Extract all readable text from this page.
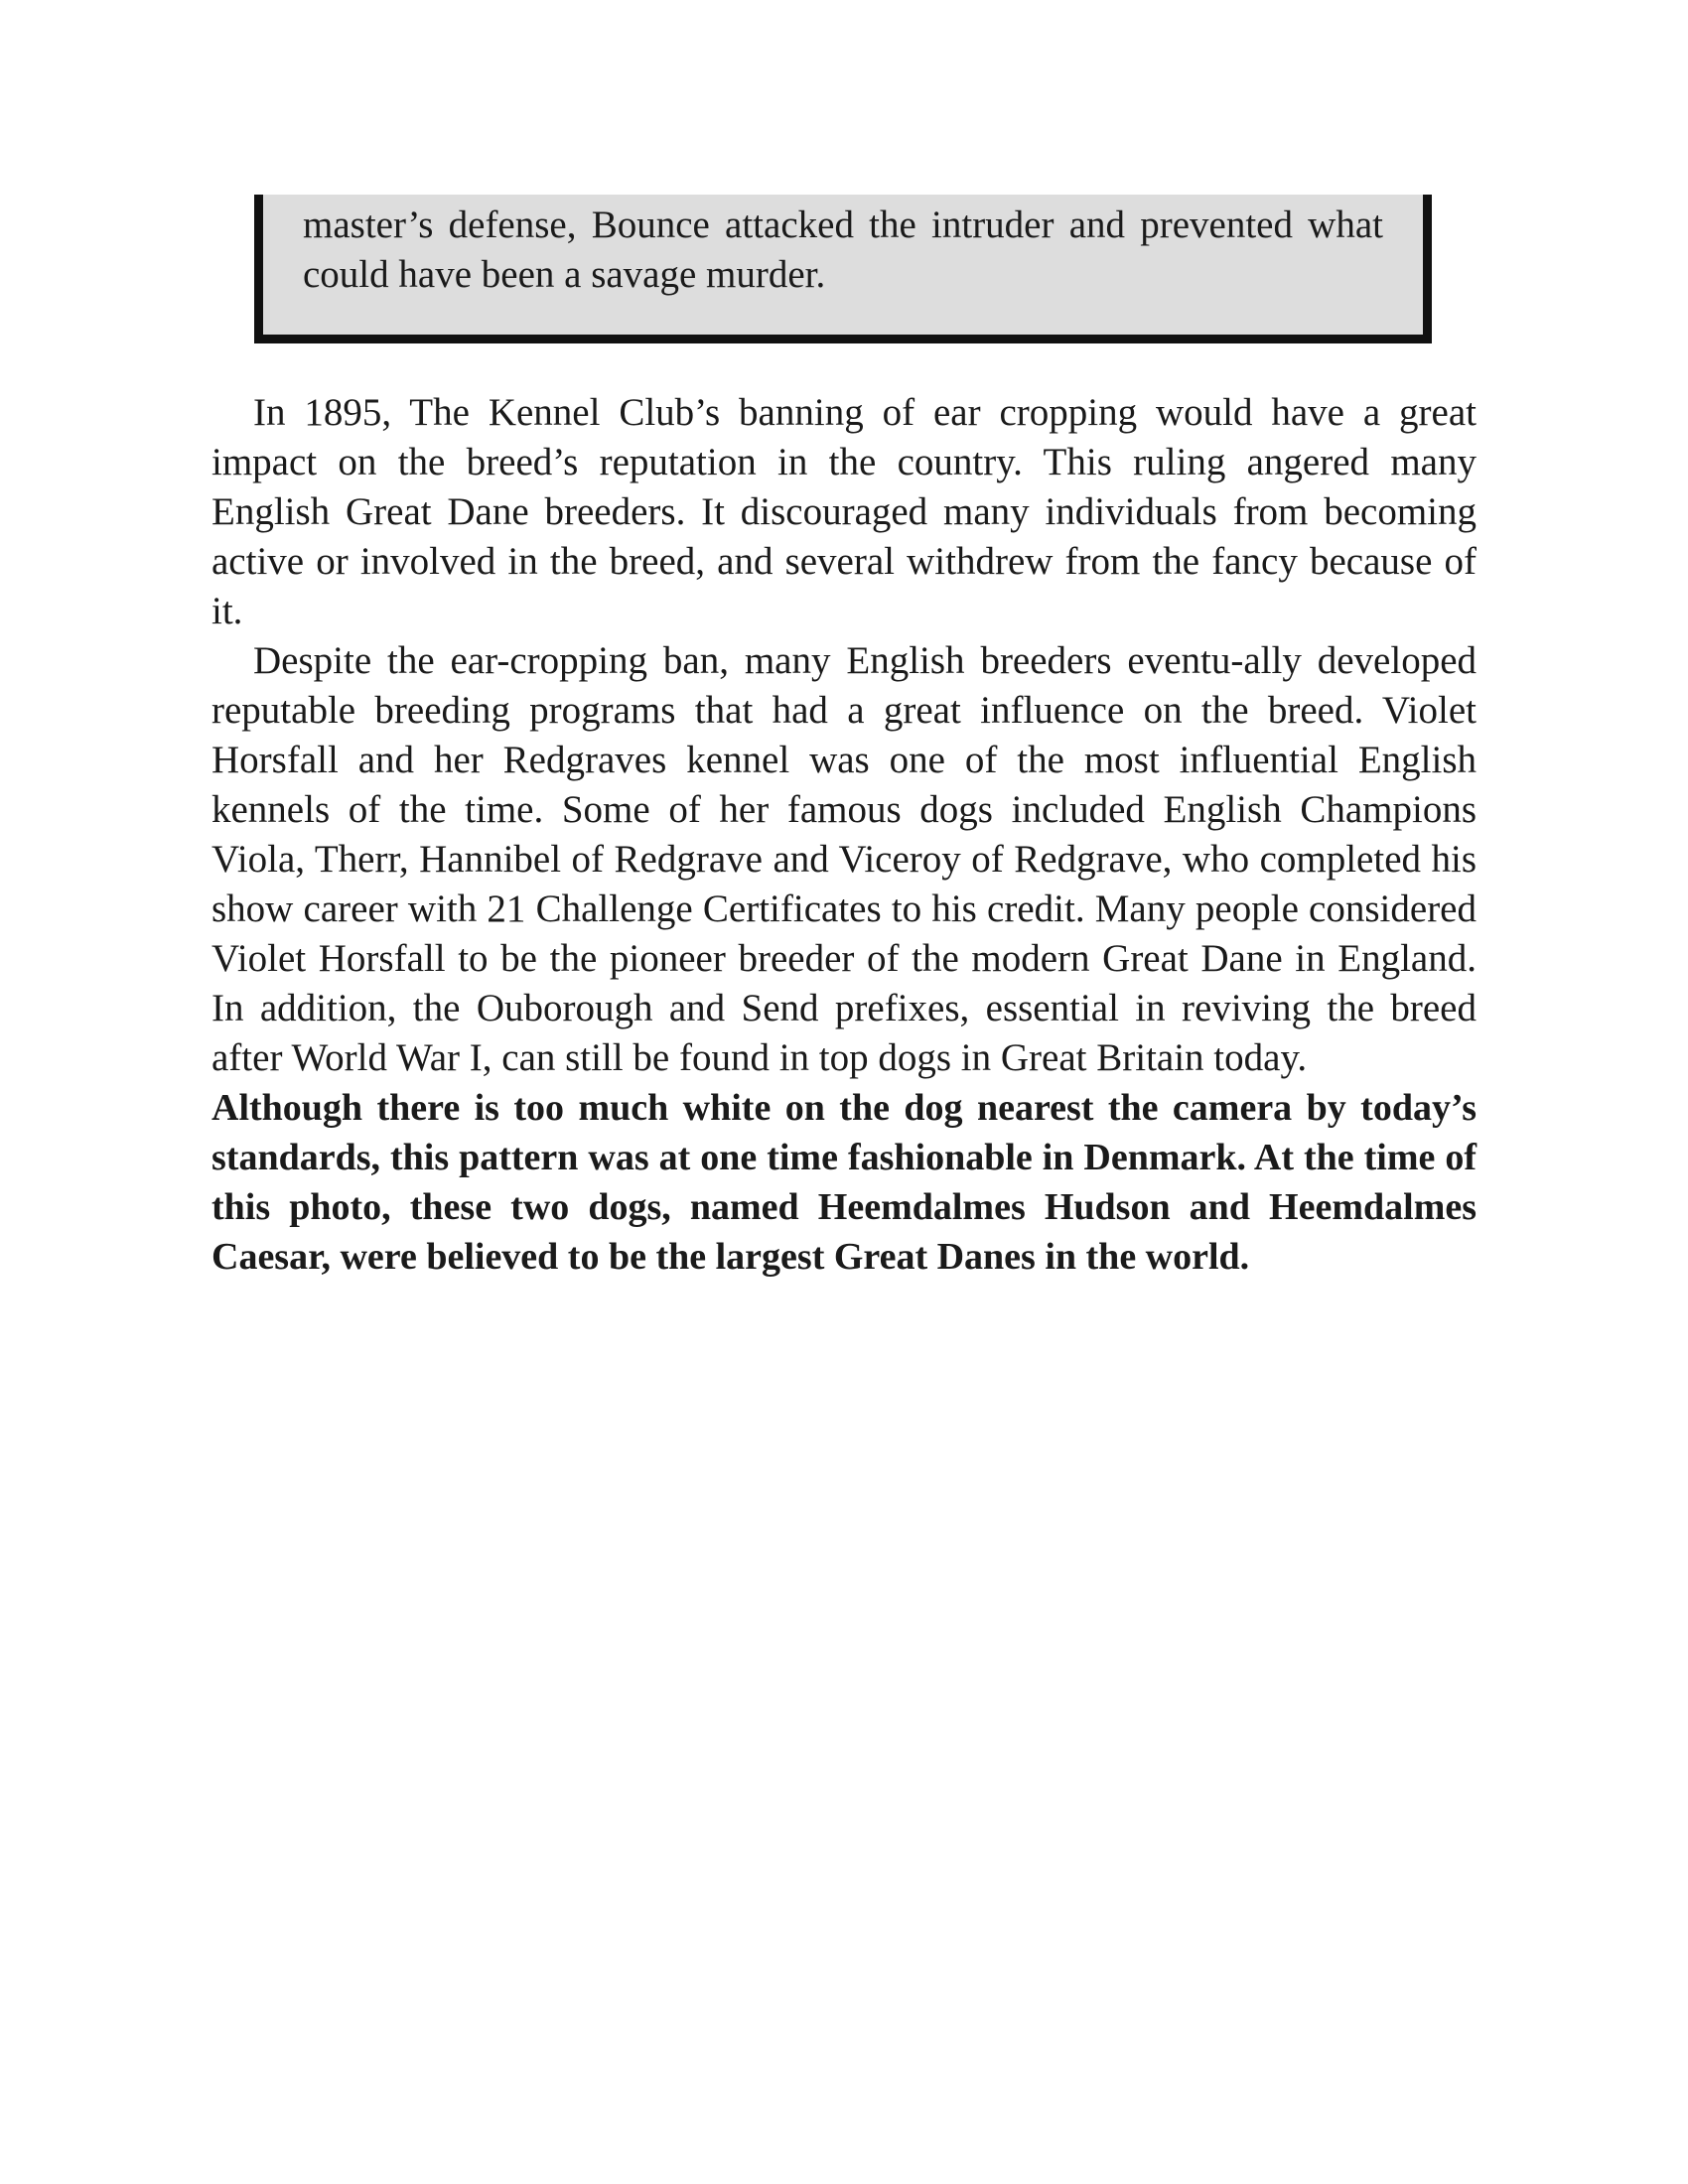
master’s defense, Bounce attacked the intruder and prevented what could have been a savage murder.

In 1895, The Kennel Club’s banning of ear cropping would have a great impact on the breed’s reputation in the country. This ruling angered many English Great Dane breeders. It discouraged many individuals from becoming active or involved in the breed, and several withdrew from the fancy because of it.

Despite the ear-cropping ban, many English breeders eventu-ally developed reputable breeding programs that had a great influence on the breed. Violet Horsfall and her Redgraves kennel was one of the most influential English kennels of the time. Some of her famous dogs included English Champions Viola, Therr, Hannibel of Redgrave and Viceroy of Redgrave, who completed his show career with 21 Challenge Certificates to his credit. Many people considered Violet Horsfall to be the pioneer breeder of the modern Great Dane in England. In addition, the Ouborough and Send prefixes, essential in reviving the breed after World War I, can still be found in top dogs in Great Britain today.

Although there is too much white on the dog nearest the camera by today’s standards, this pattern was at one time fashionable in Denmark. At the time of this photo, these two dogs, named Heemdalmes Hudson and Heemdalmes Caesar, were believed to be the largest Great Danes in the world.
